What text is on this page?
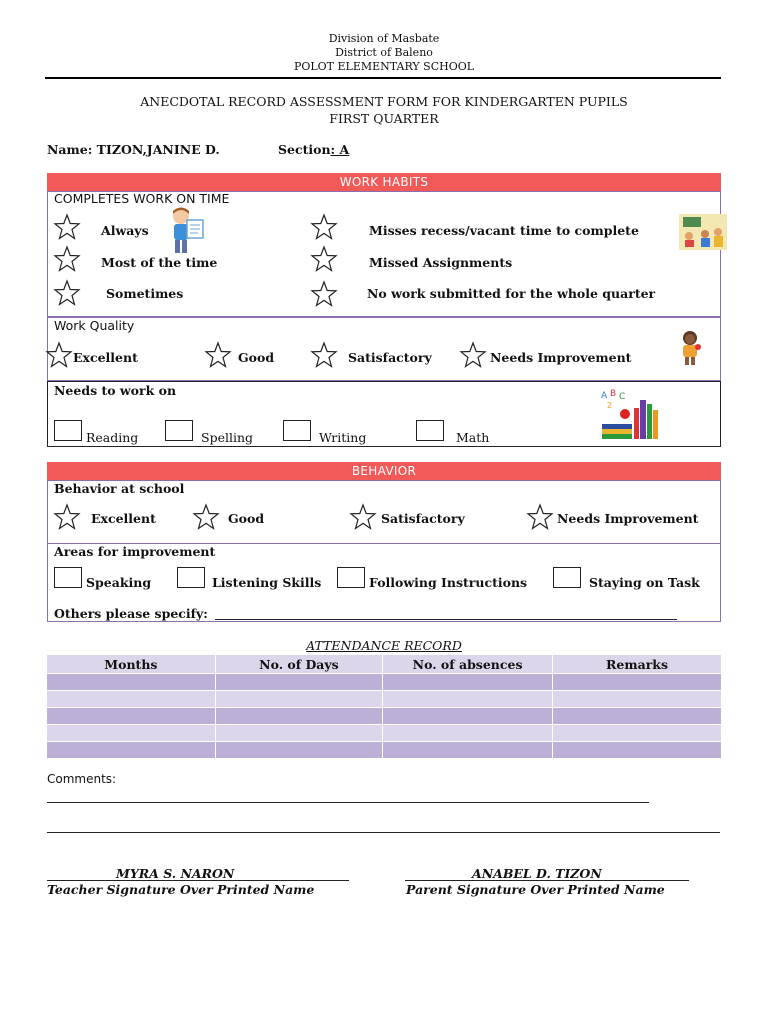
Division of Masbate
District of Baleno
POLOT ELEMENTARY SCHOOL
ANECDOTAL RECORD ASSESSMENT FORM FOR KINDERGARTEN PUPILS
FIRST QUARTER
Name: TIZON,JANINE D.	Section: A
WORK HABITS
COMPLETES WORK ON TIME
Always
Most of the time
Sometimes
Misses recess/vacant time to complete
Missed Assignments
No work submitted for the whole quarter
Work Quality
Excellent	Good	Satisfactory	Needs Improvement
Needs to work on
Reading	Spelling	Writing	Math
A B C
2
BEHAVIOR
Behavior at school
Excellent	Good	Satisfactory	Needs Improvement
Areas for improvement
Speaking	Listening Skills	Following Instructions	Staying on Task
Others please specify:
ATTENDANCE RECORD
Months	No. of Days	No. of absences	Remarks

Comments:
MYRA S. NARON
Teacher Signature Over Printed Name
ANABEL D. TIZON
Parent Signature Over Printed Name
